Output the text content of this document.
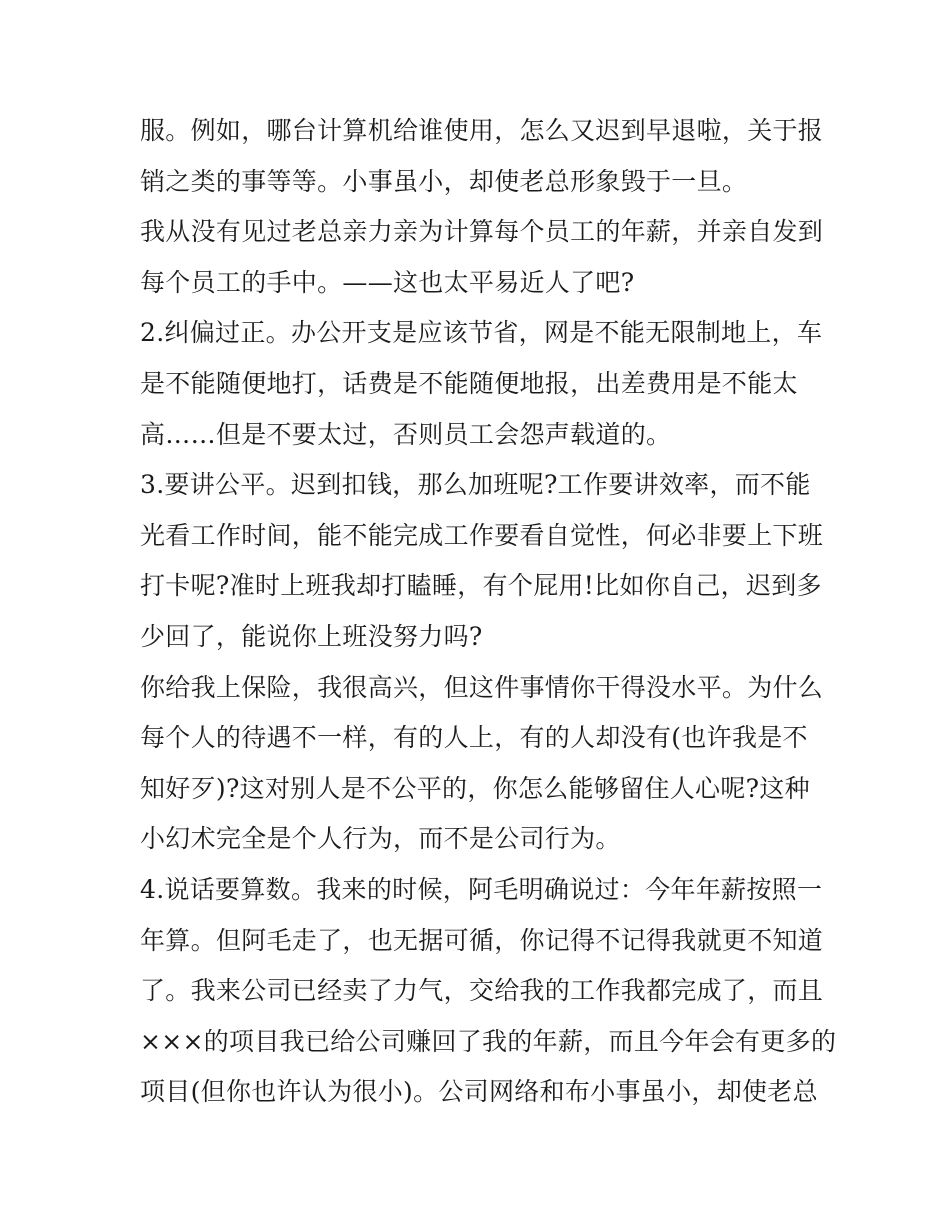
服。例如，哪台计算机给谁使用，怎么又迟到早退啦，关于报
销之类的事等等。小事虽小，却使老总形象毁于一旦。
我从没有见过老总亲力亲为计算每个员工的年薪，并亲自发到
每个员工的手中。——这也太平易近人了吧?
2.纠偏过正。办公开支是应该节省，网是不能无限制地上，车
是不能随便地打，话费是不能随便地报，出差费用是不能太
高……但是不要太过，否则员工会怨声载道的。
3.要讲公平。迟到扣钱，那么加班呢?工作要讲效率，而不能
光看工作时间，能不能完成工作要看自觉性，何必非要上下班
打卡呢?准时上班我却打瞌睡，有个屁用!比如你自己，迟到多
少回了，能说你上班没努力吗?
你给我上保险，我很高兴，但这件事情你干得没水平。为什么
每个人的待遇不一样，有的人上，有的人却没有(也许我是不
知好歹)?这对别人是不公平的，你怎么能够留住人心呢?这种
小幻术完全是个人行为，而不是公司行为。
4.说话要算数。我来的时候，阿毛明确说过：今年年薪按照一
年算。但阿毛走了，也无据可循，你记得不记得我就更不知道
了。我来公司已经卖了力气，交给我的工作我都完成了，而且
×××的项目我已给公司赚回了我的年薪，而且今年会有更多的
项目(但你也许认为很小)。公司网络和布小事虽小，却使老总
